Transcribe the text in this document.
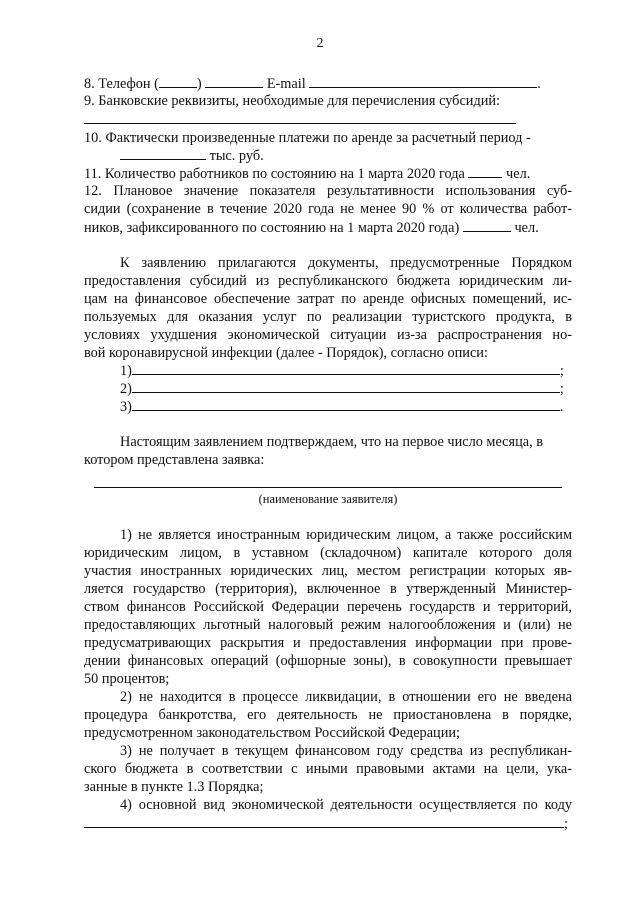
2
8. Телефон (	)	E-mail	.
9. Банковские реквизиты, необходимые для перечисления субсидий:
10. Фактически произведенные платежи по аренде за расчетный период -
тыс. руб.
11. Количество работников по состоянию на 1 марта 2020 года	чел.
12. Плановое значение показателя результативности использования суб-
сидии (сохранение в течение 2020 года не менее 90 % от количества работ-
ников, зафиксированного по состоянию на 1 марта 2020 года)	чел.
К заявлению прилагаются документы, предусмотренные Порядком
предоставления субсидий из республиканского бюджета юридическим ли-
цам на финансовое обеспечение затрат по аренде офисных помещений, ис-
пользуемых для оказания услуг по реализации туристского продукта, в
условиях ухудшения экономической ситуации из-за распространения но-
вой коронавирусной инфекции (далее - Порядок), согласно описи:
1)	;
2)	;
3)	.
Настоящим заявлением подтверждаем, что на первое число месяца, в
котором представлена заявка:
(наименование заявителя)
1) не является иностранным юридическим лицом, а также российским
юридическим лицом, в уставном (складочном) капитале которого доля
участия иностранных юридических лиц, местом регистрации которых яв-
ляется государство (территория), включенное в утвержденный Министер-
ством финансов Российской Федерации перечень государств и территорий,
предоставляющих льготный налоговый режим налогообложения и (или) не
предусматривающих раскрытия и предоставления информации при прове-
дении финансовых операций (офшорные зоны), в совокупности превышает
50 процентов;
2) не находится в процессе ликвидации, в отношении его не введена
процедура банкротства, его деятельность не приостановлена в порядке,
предусмотренном законодательством Российской Федерации;
3) не получает в текущем финансовом году средства из республикан-
ского бюджета в соответствии с иными правовыми актами на цели, ука-
занные в пункте 1.3 Порядка;
4) основной вид экономической деятельности осуществляется по коду
;
